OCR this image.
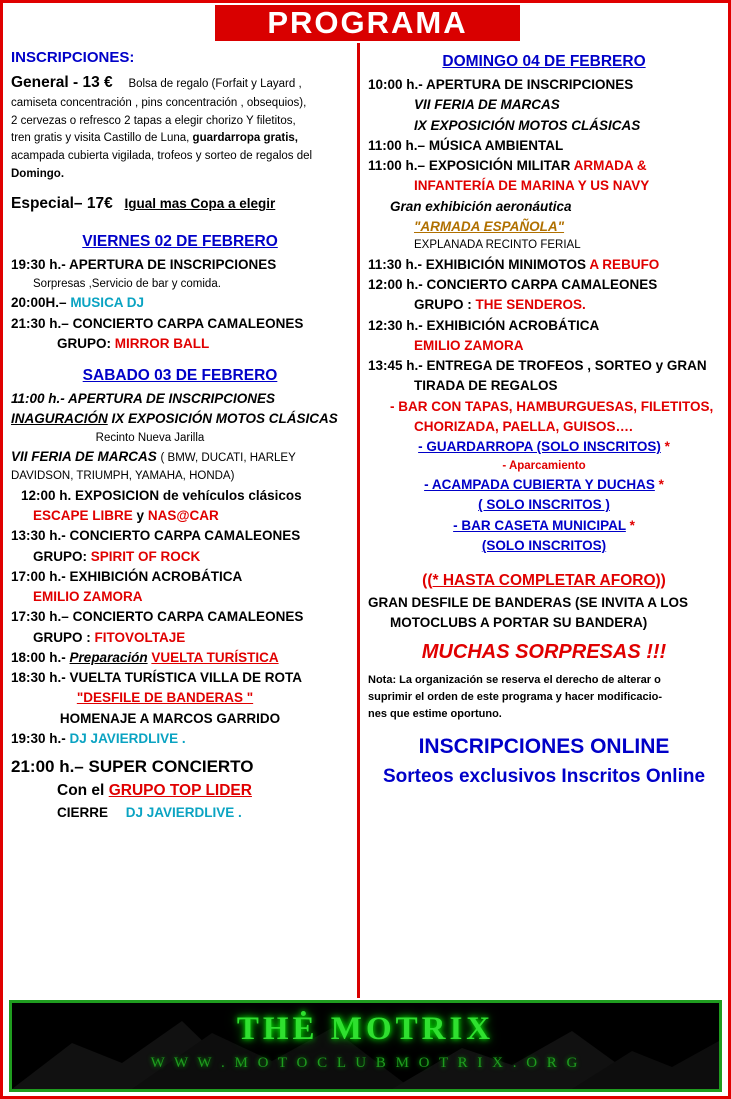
PROGRAMA
INSCRIPCIONES:
General - 13 € Bolsa de regalo (Forfait y Layard ,
camiseta concentración , pins concentración , obsequios),
2 cervezas o refresco 2 tapas a elegir chorizo Y filetitos,
tren gratis y visita Castillo de Luna, guardarropa gratis,
acampada cubierta vigilada, trofeos y sorteo de regalos del
Domingo.
Especial– 17€ Igual mas Copa a elegir
VIERNES 02 DE FEBRERO
19:30 h.- APERTURA DE INSCRIPCIONES
Sorpresas ,Servicio de bar y comida.
20:00H.– MUSICA DJ
21:30 h.– CONCIERTO CARPA CAMALEONES
GRUPO: MIRROR BALL
SABADO 03 DE FEBRERO
11:00 h.- APERTURA DE INSCRIPCIONES
INAGURACIÓN IX EXPOSICIÓN MOTOS CLÁSICAS
Recinto Nueva Jarilla
VII FERIA DE MARCAS ( BMW, DUCATI, HARLEY
DAVIDSON, TRIUMPH, YAMAHA, HONDA)
12:00 h. EXPOSICION de vehículos clásicos
ESCAPE LIBRE y NAS@CAR
13:30 h.- CONCIERTO CARPA CAMALEONES
GRUPO: SPIRIT OF ROCK
17:00 h.- EXHIBICIÓN ACROBÁTICA
EMILIO ZAMORA
17:30 h.– CONCIERTO CARPA CAMALEONES
GRUPO : FITOVOLTAJE
18:00 h.- Preparación VUELTA TURÍSTICA
18:30 h.- VUELTA TURÍSTICA VILLA DE ROTA
"DESFILE DE BANDERAS "
HOMENAJE A MARCOS GARRIDO
19:30 h.- DJ JAVIERDLIVE .
21:00 h.– SUPER CONCIERTO
Con el GRUPO TOP LIDER
CIERRE DJ JAVIERDLIVE .
DOMINGO 04 DE FEBRERO
10:00 h.- APERTURA DE INSCRIPCIONES
VII FERIA DE MARCAS
IX EXPOSICIÓN MOTOS CLÁSICAS
11:00 h.– MÚSICA AMBIENTAL
11:00 h.– EXPOSICIÓN MILITAR ARMADA &
INFANTERÍA DE MARINA Y US NAVY
Gran exhibición aeronáutica
"ARMADA ESPAÑOLA"
EXPLANADA RECINTO FERIAL
11:30 h.- EXHIBICIÓN MINIMOTOS A REBUFO
12:00 h.- CONCIERTO CARPA CAMALEONES
GRUPO : THE SENDEROS.
12:30 h.- EXHIBICIÓN ACROBÁTICA
EMILIO ZAMORA
13:45 h.- ENTREGA DE TROFEOS , SORTEO y GRAN
TIRADA DE REGALOS
- BAR CON TAPAS, HAMBURGUESAS, FILETITOS,
CHORIZADA, PAELLA, GUISOS….
- GUARDARROPA (SOLO INSCRITOS) *
- Aparcamiento
- ACAMPADA CUBIERTA Y DUCHAS *
( SOLO INSCRITOS )
- BAR CASETA MUNICIPAL *
(SOLO INSCRITOS)
((* HASTA COMPLETAR AFORO))
GRAN DESFILE DE BANDERAS (SE INVITA A LOS
MOTOCLUBS A PORTAR SU BANDERA)
MUCHAS SORPRESAS !!!
Nota: La organización se reserva el derecho de alterar o
suprimir el orden de este programa y hacer modificacio-
nes que estime oportuno.
INSCRIPCIONES ONLINE
Sorteos exclusivos Inscritos Online
THĖ MOTRIX
W W W . M O T O C L U B M O T R I X . O R G
